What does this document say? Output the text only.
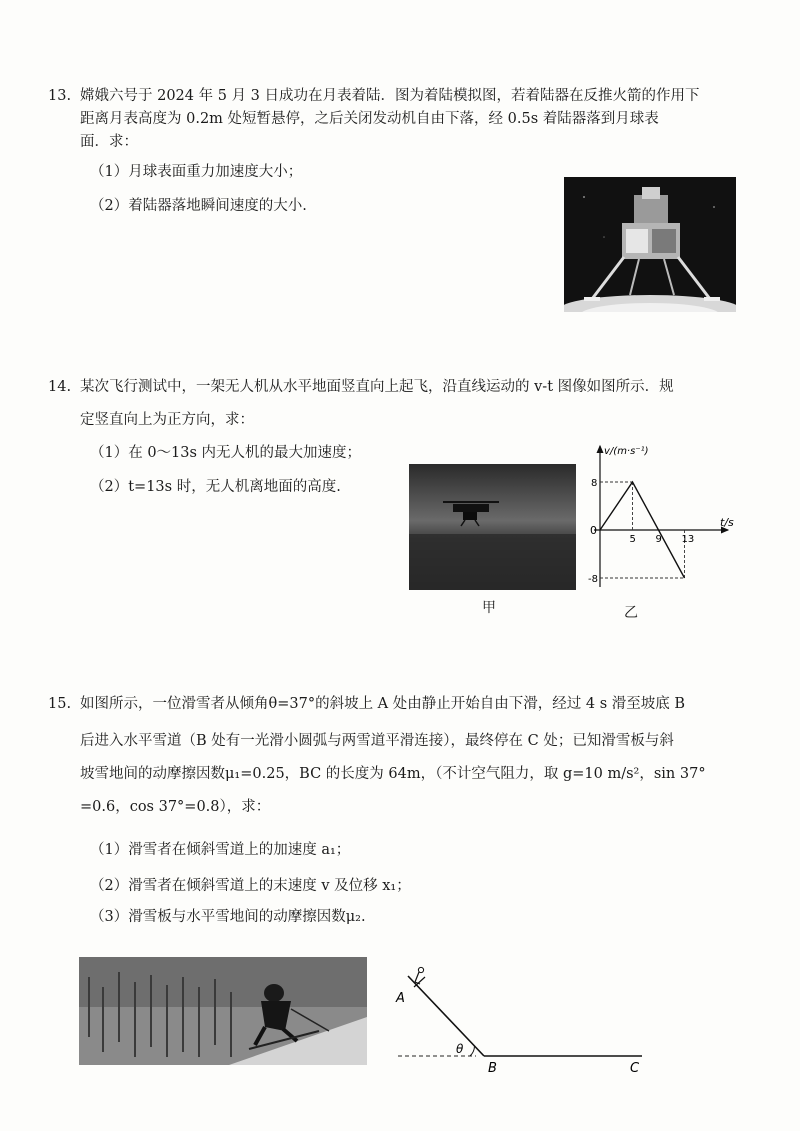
13. 嫦娥六号于 2024 年 5 月 3 日成功在月表着陆．图为着陆模拟图，若着陆器在反推火箭的作用下
距离月表高度为 0.2m 处短暂悬停，之后关闭发动机自由下落，经 0.5s 着陆器落到月球表
面．求：
（1）月球表面重力加速度大小；
（2）着陆器落地瞬间速度的大小.
14. 某次飞行测试中，一架无人机从水平地面竖直向上起飞，沿直线运动的 v-t 图像如图所示．规
定竖直向上为正方向，求：
（1）在 0～13s 内无人机的最大加速度；
（2）t=13s 时，无人机离地面的高度.
甲
v/(m·s⁻¹)
t/s
0
8
-8
5 9 13
乙
15. 如图所示，一位滑雪者从倾角θ=37°的斜坡上 A 处由静止开始自由下滑，经过 4 s 滑至坡底 B
后进入水平雪道（B 处有一光滑小圆弧与两雪道平滑连接），最终停在 C 处；已知滑雪板与斜
坡雪地间的动摩擦因数μ₁=0.25，BC 的长度为 64m，（不计空气阻力，取 g=10 m/s²，sin 37°
=0.6，cos 37°=0.8），求：
（1）滑雪者在倾斜雪道上的加速度 a₁；
（2）滑雪者在倾斜雪道上的末速度 v 及位移 x₁；
（3）滑雪板与水平雪地间的动摩擦因数μ₂.
A
B	C
θ
